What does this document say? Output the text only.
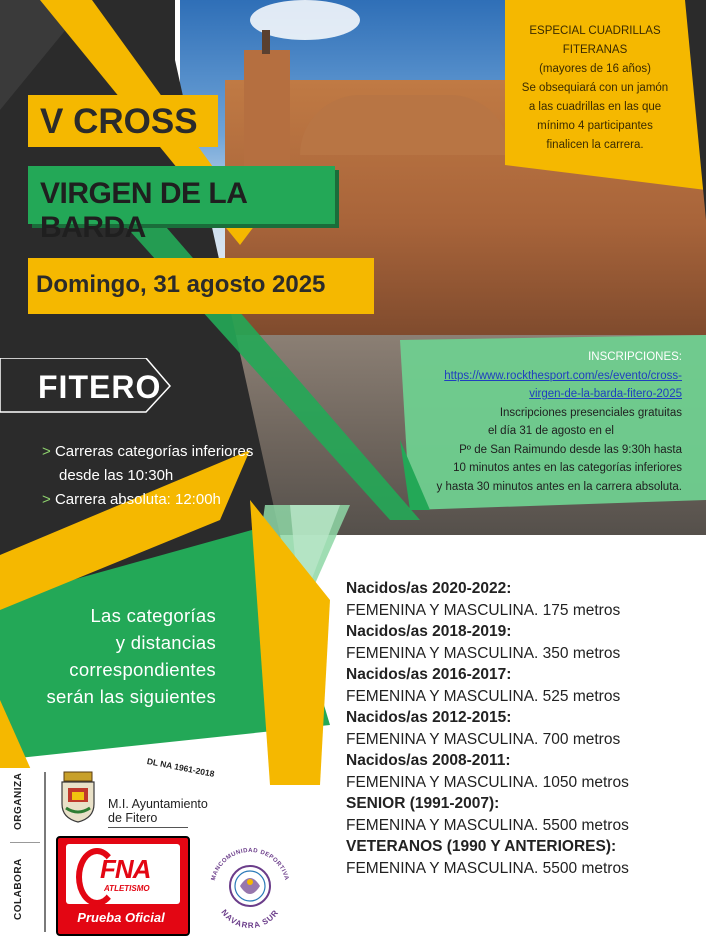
V CROSS
VIRGEN DE LA BARDA
Domingo, 31 agosto 2025
FITERO
> Carreras categorías inferiores
desde las 10:30h
> Carrera absoluta: 12:00h
ESPECIAL CUADRILLAS
FITERANAS
(mayores de 16 años)
Se obsequiará con un jamón
a las cuadrillas en las que
mínimo 4 participantes
finalicen la carrera.
INSCRIPCIONES:
https://www.rockthesport.com/es/evento/cross-
virgen-de-la-barda-fitero-2025
Inscripciones presenciales gratuitas
el día 31 de agosto en el
Pº de San Raimundo desde las 9:30h hasta
10 minutos antes en las categorías inferiores
y hasta 30 minutos antes en la carrera absoluta.
Las categorías
y distancias
correspondientes
serán las siguientes
DL NA 1961-2018
Nacidos/as 2020-2022:
FEMENINA Y MASCULINA. 175 metros
Nacidos/as 2018-2019:
FEMENINA Y MASCULINA. 350 metros
Nacidos/as 2016-2017:
FEMENINA Y MASCULINA. 525 metros
Nacidos/as 2012-2015:
FEMENINA Y MASCULINA. 700 metros
Nacidos/as 2008-2011:
FEMENINA Y MASCULINA. 1050 metros
SENIOR (1991-2007):
FEMENINA Y MASCULINA. 5500 metros
VETERANOS (1990 Y ANTERIORES):
FEMENINA Y MASCULINA. 5500 metros
ORGANIZA
COLABORA
M.I. Ayuntamiento
de Fitero
FNA
ATLETISMO
Prueba Oficial
MANCOMUNIDAD DEPORTIVA
NAVARRA SUR
